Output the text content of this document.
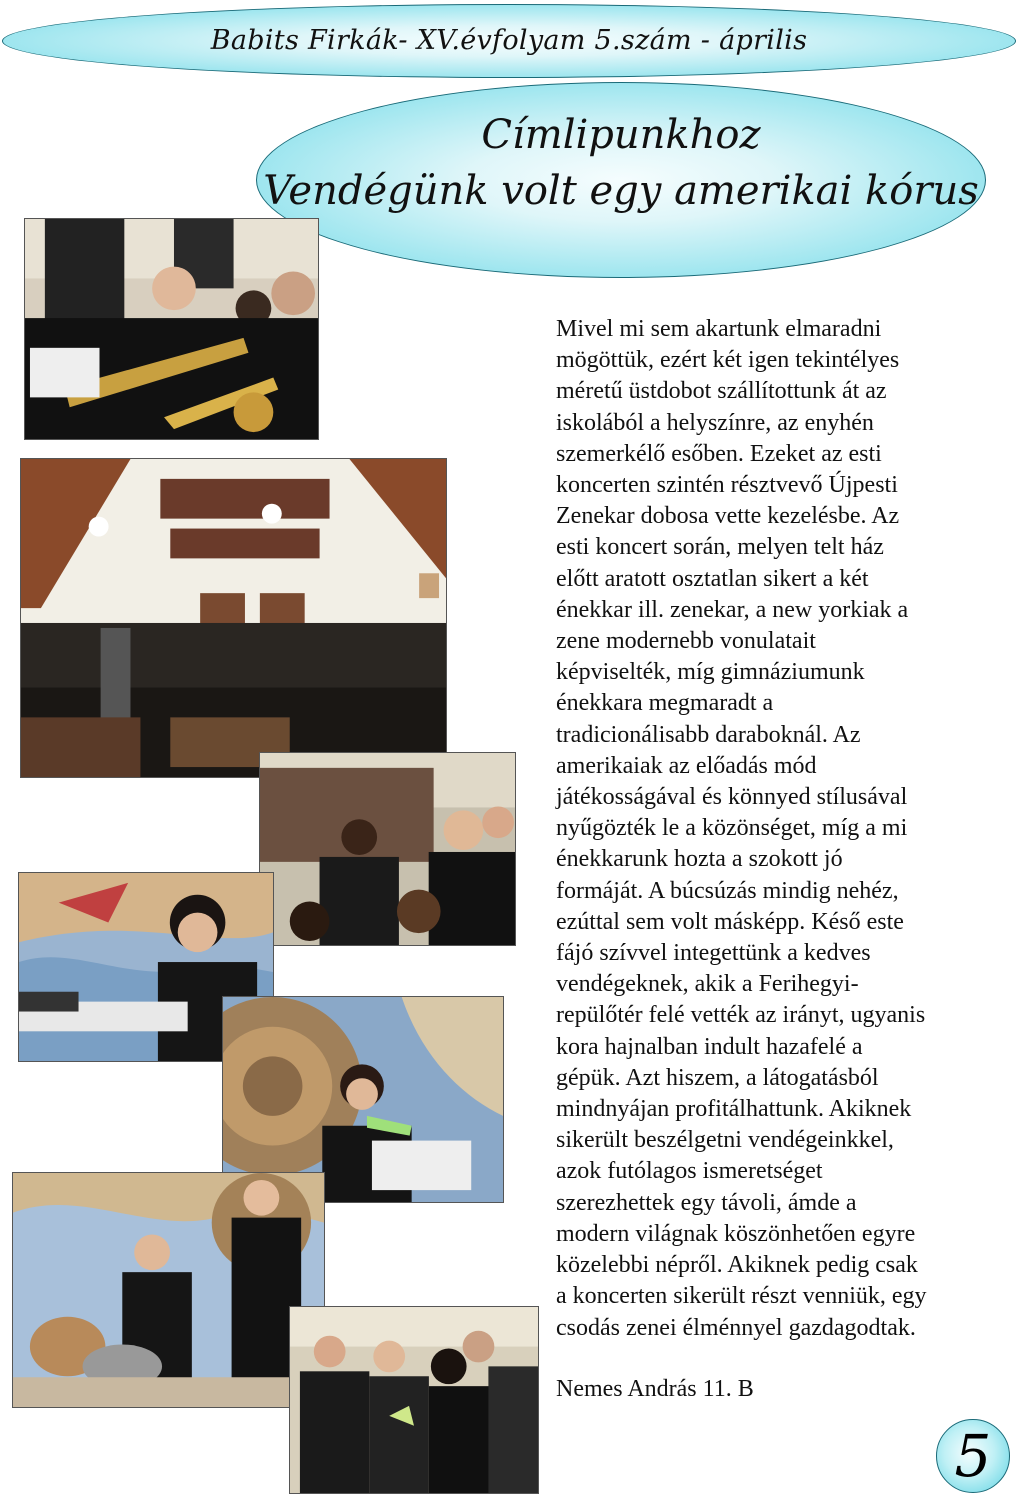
Babits Firkák- XV.évfolyam 5.szám - április
Címlipunkhoz
Vendégünk volt egy amerikai kórus

Mivel mi sem akartunk elmaradni
mögöttük, ezért két igen tekintélyes
méretű üstdobot szállítottunk át az
iskolából a helyszínre, az enyhén
szemerkélő esőben. Ezeket az esti
koncerten szintén résztvevő Újpesti
Zenekar dobosa vette kezelésbe. Az
esti koncert során, melyen telt ház
előtt aratott osztatlan sikert a két
énekkar ill. zenekar, a new yorkiak a
zene modernebb vonulatait
képviselték, míg gimnáziumunk
énekkara megmaradt a
tradicionálisabb daraboknál. Az
amerikaiak az előadás mód
játékosságával és könnyed stílusával
nyűgözték le a közönséget, míg a mi
énekkarunk hozta a szokott jó
formáját. A búcsúzás mindig nehéz,
ezúttal sem volt másképp. Késő este
fájó szívvel integettünk a kedves
vendégeknek, akik a Ferihegyi-
repülőtér felé vették az irányt, ugyanis
kora hajnalban indult hazafelé a
gépük. Azt hiszem, a látogatásból
mindnyájan profitálhattunk. Akiknek
sikerült beszélgetni vendégeinkkel,
azok futólagos ismeretséget
szerezhettek egy távoli, ámde a
modern világnak köszönhetően egyre
közelebbi népről. Akiknek pedig csak
a koncerten sikerült részt venniük, egy
csodás zenei élménnyel gazdagodtak.

Nemes András 11. B
5
